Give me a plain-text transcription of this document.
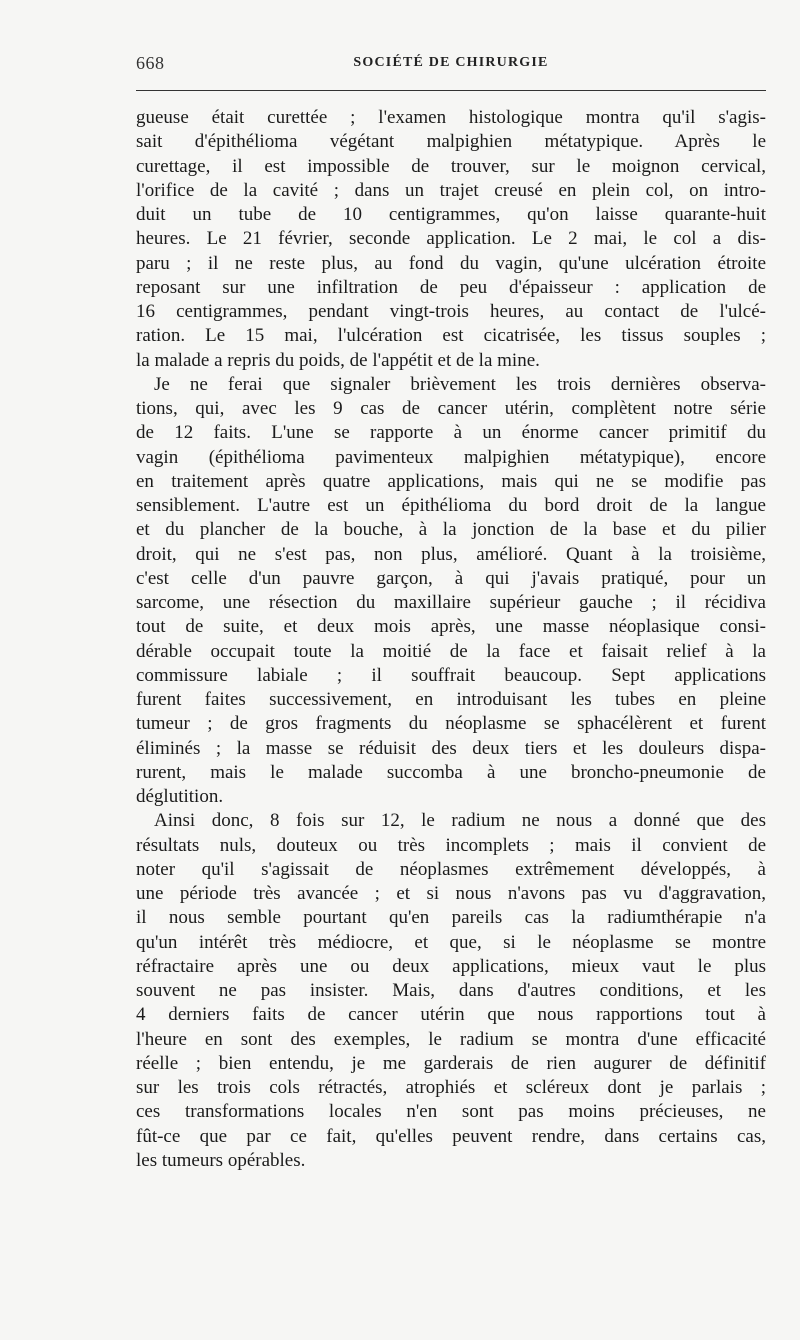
668	SOCIÉTÉ DE CHIRURGIE
gueuse était curettée ; l'examen histologique montra qu'il s'agis-
sait d'épithélioma végétant malpighien métatypique. Après le
curettage, il est impossible de trouver, sur le moignon cervical,
l'orifice de la cavité ; dans un trajet creusé en plein col, on intro-
duit un tube de 10 centigrammes, qu'on laisse quarante-huit
heures. Le 21 février, seconde application. Le 2 mai, le col a dis-
paru ; il ne reste plus, au fond du vagin, qu'une ulcération étroite
reposant sur une infiltration de peu d'épaisseur : application de
16 centigrammes, pendant vingt-trois heures, au contact de l'ulcé-
ration. Le 15 mai, l'ulcération est cicatrisée, les tissus souples ;
la malade a repris du poids, de l'appétit et de la mine.
Je ne ferai que signaler brièvement les trois dernières observa-
tions, qui, avec les 9 cas de cancer utérin, complètent notre série
de 12 faits. L'une se rapporte à un énorme cancer primitif du
vagin (épithélioma pavimenteux malpighien métatypique), encore
en traitement après quatre applications, mais qui ne se modifie pas
sensiblement. L'autre est un épithélioma du bord droit de la langue
et du plancher de la bouche, à la jonction de la base et du pilier
droit, qui ne s'est pas, non plus, amélioré. Quant à la troisième,
c'est celle d'un pauvre garçon, à qui j'avais pratiqué, pour un
sarcome, une résection du maxillaire supérieur gauche ; il récidiva
tout de suite, et deux mois après, une masse néoplasique consi-
dérable occupait toute la moitié de la face et faisait relief à la
commissure labiale ; il souffrait beaucoup. Sept applications
furent faites successivement, en introduisant les tubes en pleine
tumeur ; de gros fragments du néoplasme se sphacélèrent et furent
éliminés ; la masse se réduisit des deux tiers et les douleurs dispa-
rurent, mais le malade succomba à une broncho-pneumonie de
déglutition.
Ainsi donc, 8 fois sur 12, le radium ne nous a donné que des
résultats nuls, douteux ou très incomplets ; mais il convient de
noter qu'il s'agissait de néoplasmes extrêmement développés, à
une période très avancée ; et si nous n'avons pas vu d'aggravation,
il nous semble pourtant qu'en pareils cas la radiumthérapie n'a
qu'un intérêt très médiocre, et que, si le néoplasme se montre
réfractaire après une ou deux applications, mieux vaut le plus
souvent ne pas insister. Mais, dans d'autres conditions, et les
4 derniers faits de cancer utérin que nous rapportions tout à
l'heure en sont des exemples, le radium se montra d'une efficacité
réelle ; bien entendu, je me garderais de rien augurer de définitif
sur les trois cols rétractés, atrophiés et scléreux dont je parlais ;
ces transformations locales n'en sont pas moins précieuses, ne
fût-ce que par ce fait, qu'elles peuvent rendre, dans certains cas,
les tumeurs opérables.
